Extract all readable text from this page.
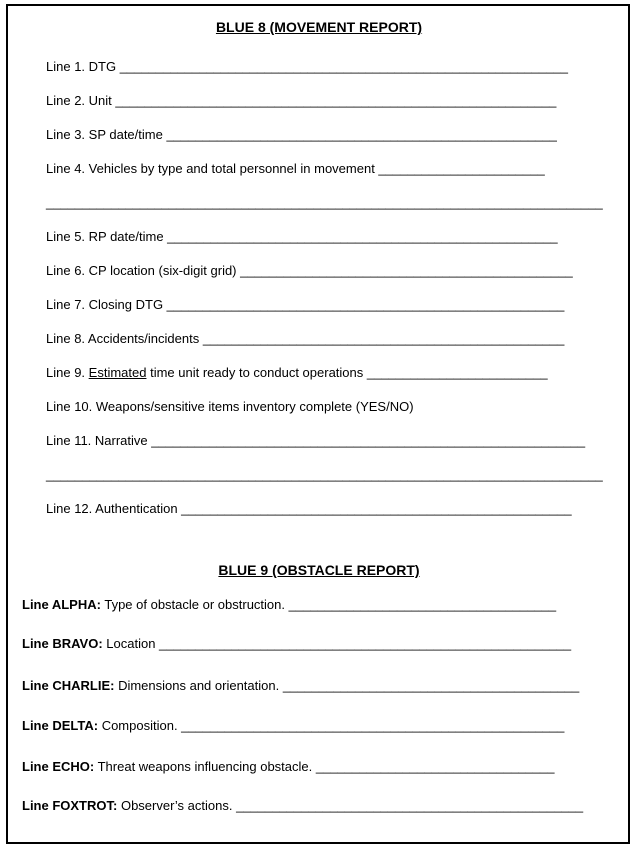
BLUE 8 (MOVEMENT REPORT)
Line 1. DTG ______________________________________________________________
Line 2. Unit _____________________________________________________________
Line 3. SP date/time ______________________________________________________
Line 4. Vehicles by type and total personnel in movement _______________________
_____________________________________________________________________________
Line 5. RP date/time ______________________________________________________
Line 6. CP location (six-digit grid) ______________________________________________
Line 7. Closing DTG _______________________________________________________
Line 8. Accidents/incidents __________________________________________________
Line 9. Estimated time unit ready to conduct operations _________________________
Line 10. Weapons/sensitive items inventory complete (YES/NO)
Line 11. Narrative ____________________________________________________________
_____________________________________________________________________________
Line 12. Authentication ______________________________________________________
BLUE 9 (OBSTACLE REPORT)
Line ALPHA: Type of obstacle or obstruction. _____________________________________
Line BRAVO: Location _________________________________________________________
Line CHARLIE: Dimensions and orientation. _________________________________________
Line DELTA: Composition. _____________________________________________________
Line ECHO: Threat weapons influencing obstacle. _________________________________
Line FOXTROT: Observer’s actions. ________________________________________________
